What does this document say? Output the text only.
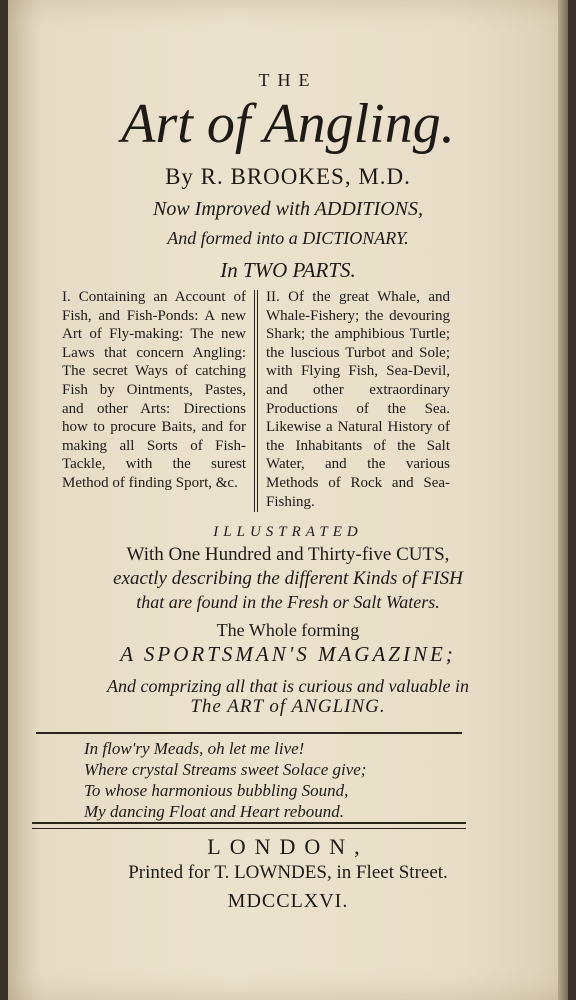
THE
Art of Angling.
By R. BROOKES, M.D.
Now Improved with ADDITIONS,
And formed into a DICTIONARY.
In TWO PARTS.
I. Containing an Account of Fish, and Fish-Ponds: A new Art of Fly-making: The new Laws that concern Angling: The secret Ways of catching Fish by Ointments, Pastes, and other Arts: Directions how to procure Baits, and for making all Sorts of Fish-Tackle, with the surest Method of finding Sport, &c.
II. Of the great Whale, and Whale-Fishery; the devouring Shark; the amphibious Turtle; the luscious Turbot and Sole; with Flying Fish, Sea-Devil, and other extraordinary Productions of the Sea. Likewise a Natural History of the Inhabitants of the Salt Water, and the various Methods of Rock and Sea-Fishing.
ILLUSTRATED
With One Hundred and Thirty-five CUTS,
exactly describing the different Kinds of FISH
that are found in the Fresh or Salt Waters.
The Whole forming
A SPORTSMAN'S MAGAZINE;
And comprizing all that is curious and valuable in
The ART of ANGLING.
In flow'ry Meads, oh let me live!
Where crystal Streams sweet Solace give;
To whose harmonious bubbling Sound,
My dancing Float and Heart rebound.
LONDON,
Printed for T. LOWNDES, in Fleet Street.
MDCCLXVI.
